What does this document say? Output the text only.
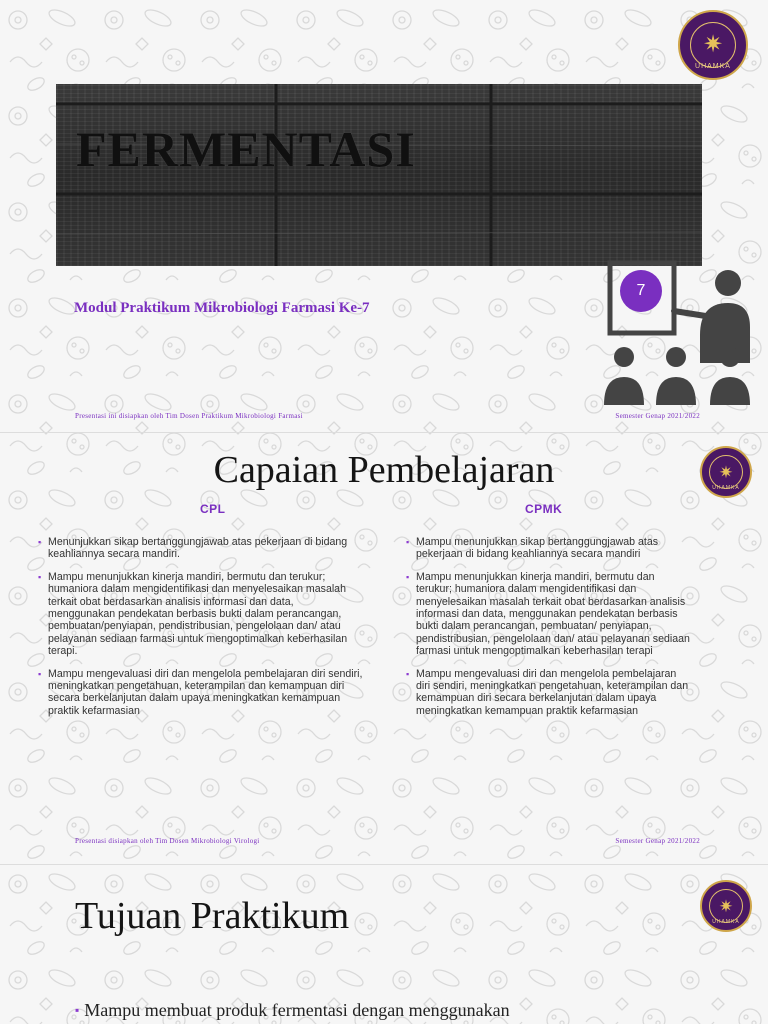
✷
UHAMKA
FERMENTASI
Modul Praktikum Mikrobiologi Farmasi Ke-7
7
Presentasi ini disiapkan oleh Tim Dosen Praktikum Mikrobiologi Farmasi	Semester Genap 2021/2022
✷
UHAMKA
Capaian Pembelajaran
CPL	CPMK
▪ Menunjukkan sikap bertanggungjawab atas pekerjaan di bidang keahliannya secara mandiri.
▪ Mampu menunjukkan kinerja mandiri, bermutu dan terukur; humaniora dalam mengidentifikasi dan menyelesaikan masalah terkait obat berdasarkan analisis informasi dan data, menggunakan pendekatan berbasis bukti dalam perancangan, pembuatan/penyiapan, pendistribusian, pengelolaan dan/ atau pelayanan sediaan farmasi untuk mengoptimalkan keberhasilan terapi.
▪ Mampu mengevaluasi diri dan mengelola pembelajaran diri sendiri, meningkatkan pengetahuan, keterampilan dan kemampuan diri secara berkelanjutan dalam upaya meningkatkan kemampuan praktik kefarmasian
▪ Mampu menunjukkan sikap bertanggungjawab atas pekerjaan di bidang keahliannya secara mandiri
▪ Mampu menunjukkan kinerja mandiri, bermutu dan terukur; humaniora dalam mengidentifikasi dan menyelesaikan masalah terkait obat berdasarkan analisis informasi dan data, menggunakan pendekatan berbasis bukti dalam perancangan, pembuatan/ penyiapan, pendistribusian, pengelolaan dan/ atau pelayanan sediaan farmasi untuk mengoptimalkan keberhasilan terapi
▪ Mampu mengevaluasi diri dan mengelola pembelajaran diri sendiri, meningkatkan pengetahuan, keterampilan dan kemampuan diri secara berkelanjutan dalam upaya meningkatkan kemampuan praktik kefarmasian
Presentasi disiapkan oleh Tim Dosen Mikrobiologi Virologi	Semester Genap 2021/2022
✷
UHAMKA
Tujuan Praktikum
▪ Mampu membuat produk fermentasi dengan menggunakan
